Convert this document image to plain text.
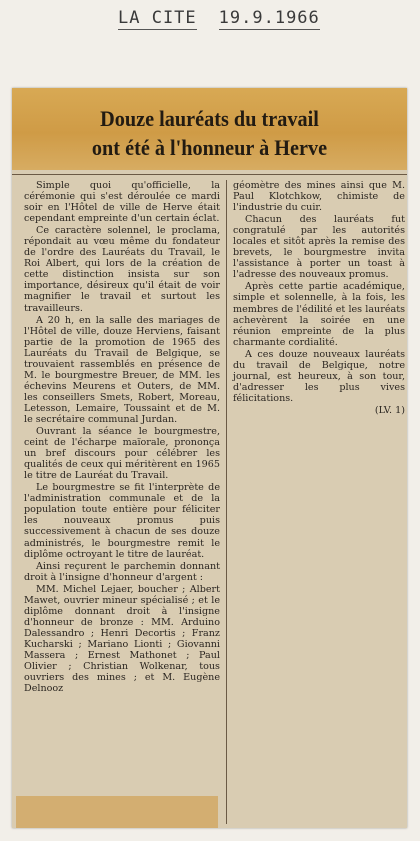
LA CITE 19.9.1966
Douze lauréats du travail
ont été à l'honneur à Herve

Simple quoi qu'officielle, la cérémonie qui s'est déroulée ce mardi soir en l'Hôtel de ville de Herve était cependant empreinte d'un certain éclat.

Ce caractère solennel, le proclama, répondait au vœu même du fondateur de l'ordre des Lauréats du Travail, le Roi Albert, qui lors de la création de cette distinction insista sur son importance, désireux qu'il était de voir magnifier le travail et surtout les travailleurs.

A 20 h, en la salle des mariages de l'Hôtel de ville, douze Herviens, faisant partie de la promotion de 1965 des Lauréats du Travail de Belgique, se trouvaient rassemblés en présence de M. le bourgmestre Breuer, de MM. les échevins Meurens et Outers, de MM. les conseillers Smets, Robert, Moreau, Letesson, Lemaire, Toussaint et de M. le secrétaire communal Jurdan.

Ouvrant la séance le bourgmestre, ceint de l'écharpe maïorale, prononça un bref discours pour célébrer les qualités de ceux qui méritèrent en 1965 le titre de Lauréat du Travail.

Le bourgmestre se fit l'interprète de l'administration communale et de la population toute entière pour féliciter les nouveaux promus puis successivement à chacun de ses douze administrés, le bourgmestre remit le diplôme octroyant le titre de lauréat.

Ainsi reçurent le parchemin donnant droit à l'insigne d'honneur d'argent :

MM. Michel Lejaer, boucher ; Albert Mawet, ouvrier mineur spécialisé ; et le diplôme donnant droit à l'insigne d'honneur de bronze : MM. Arduino Dalessandro ; Henri Decortis ; Franz Kucharski ; Mariano Lionti ; Giovanni Massera ; Ernest Mathonet ; Paul Olivier ; Christian Wolkenar, tous ouvriers des mines ; et M. Eugène Delnooz

géomètre des mines ainsi que M. Paul Klotchkow, chimiste de l'industrie du cuir.

Chacun des lauréats fut congratulé par les autorités locales et sitôt après la remise des brevets, le bourgmestre invita l'assistance à porter un toast à l'adresse des nouveaux promus.

Après cette partie académique, simple et solennelle, à la fois, les membres de l'édilité et les lauréats achevèrent la soirée en une réunion empreinte de la plus charmante cordialité.

A ces douze nouveaux lauréats du travail de Belgique, notre journal, est heureux, à son tour, d'adresser les plus vives félicitations.

(LV. 1)
